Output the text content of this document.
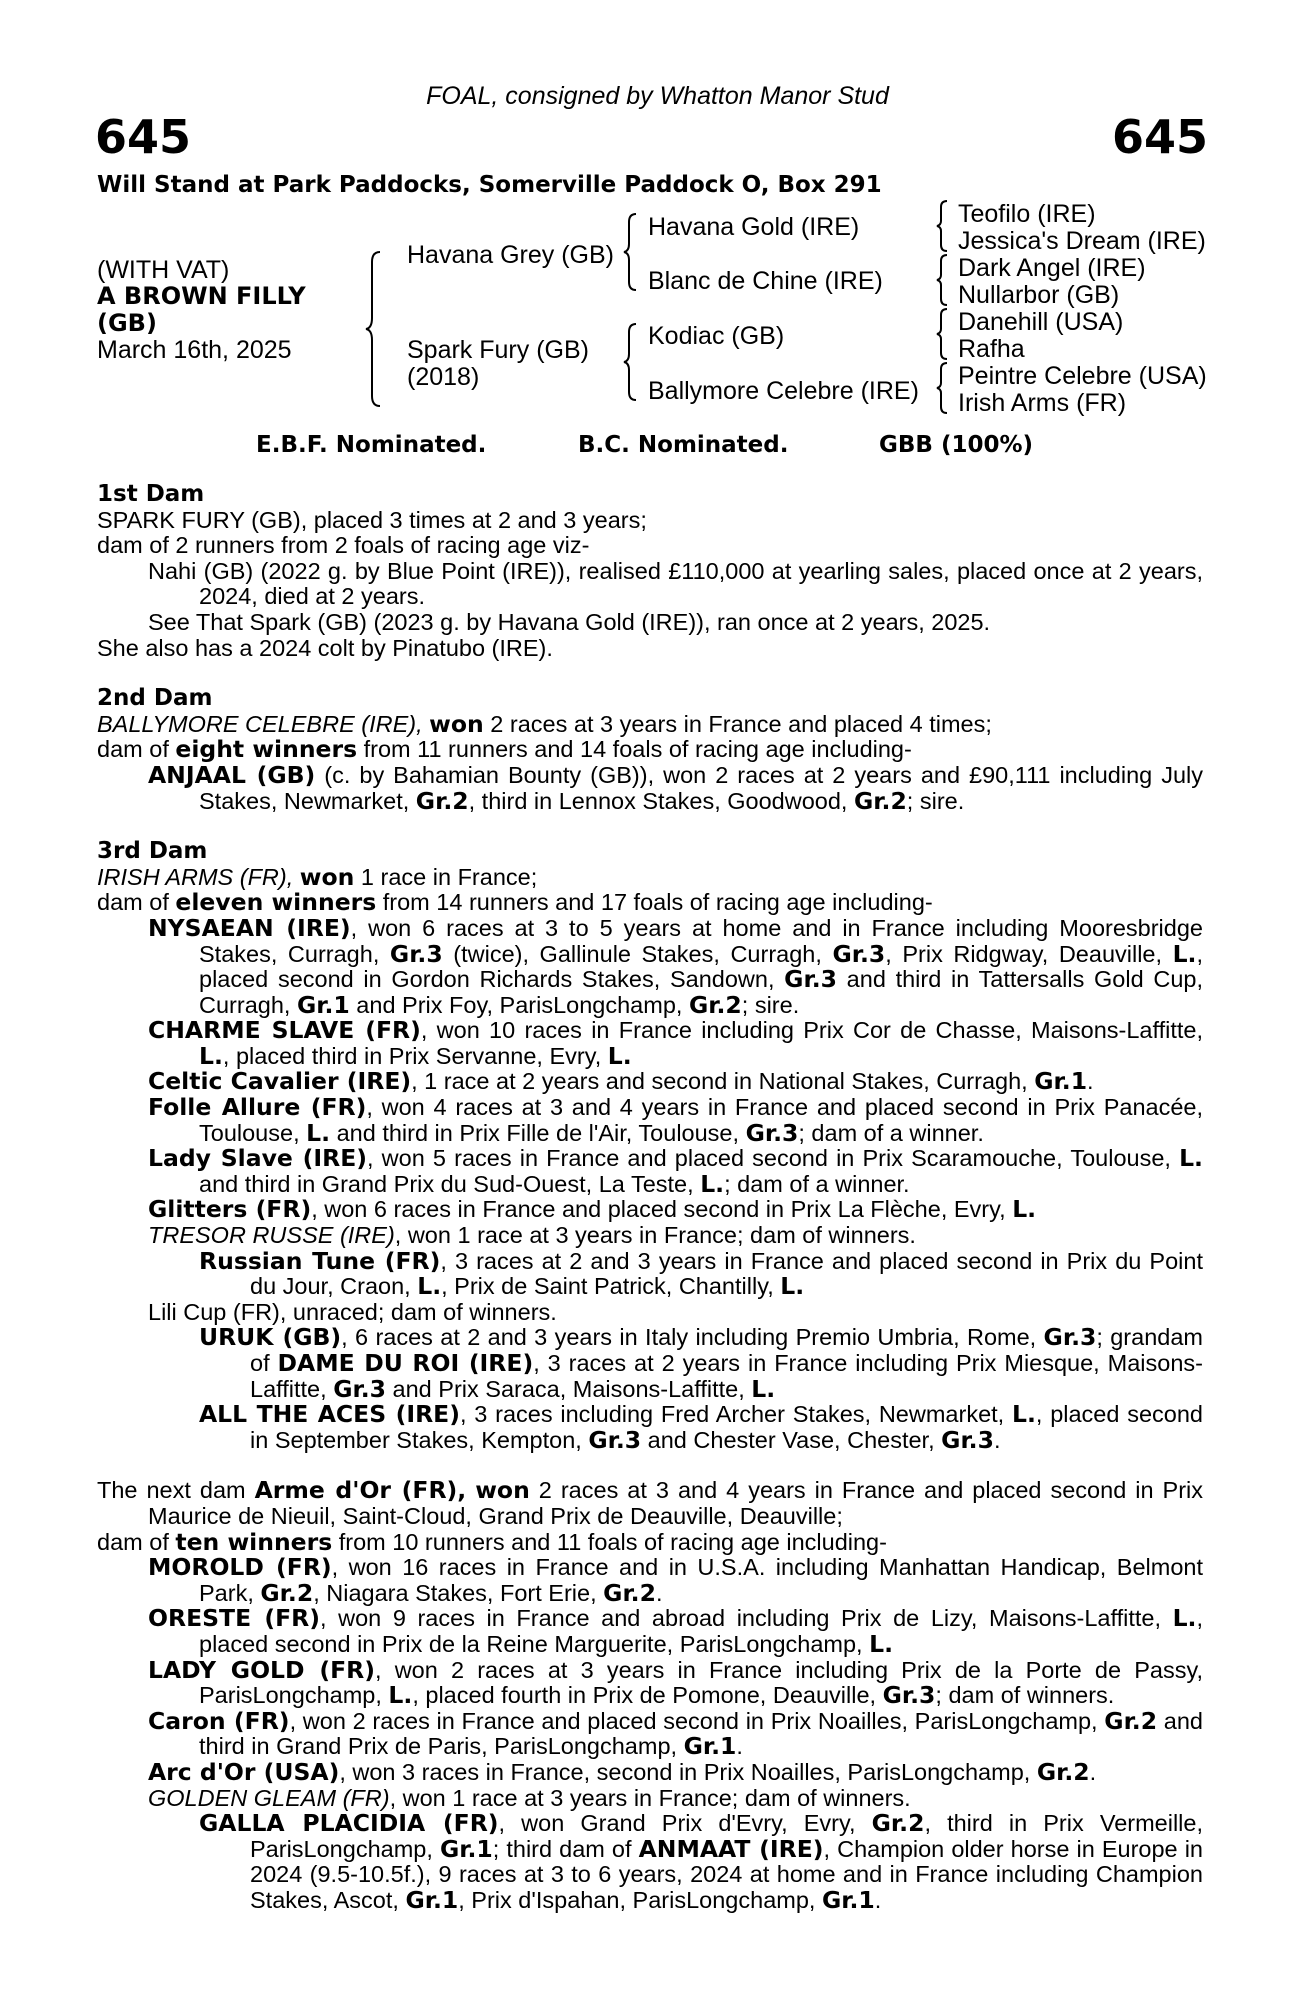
FOAL, consigned by Whatton Manor Stud
645	645
Will Stand at Park Paddocks, Somerville Paddock O, Box 291
(WITH VAT)
A BROWN FILLY
(GB)
March 16th, 2025
Havana Grey (GB)
Spark Fury (GB)
(2018)
Havana Gold (IRE)
Blanc de Chine (IRE)
Kodiac (GB)
Ballymore Celebre (IRE)
Teofilo (IRE)
Jessica's Dream (IRE)
Dark Angel (IRE)
Nullarbor (GB)
Danehill (USA)
Rafha
Peintre Celebre (USA)
Irish Arms (FR)
E.B.F. Nominated.	B.C. Nominated.	GBB (100%)

1st Dam

SPARK FURY (GB), placed 3 times at 2 and 3 years;

dam of 2 runners from 2 foals of racing age viz-

Nahi (GB) (2022 g. by Blue Point (IRE)), realised £110,000 at yearling sales, placed once at 2 years, 2024, died at 2 years.

See That Spark (GB) (2023 g. by Havana Gold (IRE)), ran once at 2 years, 2025.

She also has a 2024 colt by Pinatubo (IRE).

2nd Dam

BALLYMORE CELEBRE (IRE), won 2 races at 3 years in France and placed 4 times;

dam of eight winners from 11 runners and 14 foals of racing age including-

ANJAAL (GB) (c. by Bahamian Bounty (GB)), won 2 races at 2 years and £90,111 including July Stakes, Newmarket, Gr.2, third in Lennox Stakes, Goodwood, Gr.2; sire.

3rd Dam

IRISH ARMS (FR), won 1 race in France;

dam of eleven winners from 14 runners and 17 foals of racing age including-

NYSAEAN (IRE), won 6 races at 3 to 5 years at home and in France including Mooresbridge Stakes, Curragh, Gr.3 (twice), Gallinule Stakes, Curragh, Gr.3, Prix Ridgway, Deauville, L., placed second in Gordon Richards Stakes, Sandown, Gr.3 and third in Tattersalls Gold Cup, Curragh, Gr.1 and Prix Foy, ParisLongchamp, Gr.2; sire.

CHARME SLAVE (FR), won 10 races in France including Prix Cor de Chasse, Maisons-Laffitte, L., placed third in Prix Servanne, Evry, L.

Celtic Cavalier (IRE), 1 race at 2 years and second in National Stakes, Curragh, Gr.1.

Folle Allure (FR), won 4 races at 3 and 4 years in France and placed second in Prix Panacée, Toulouse, L. and third in Prix Fille de l'Air, Toulouse, Gr.3; dam of a winner.

Lady Slave (IRE), won 5 races in France and placed second in Prix Scaramouche, Toulouse, L. and third in Grand Prix du Sud-Ouest, La Teste, L.; dam of a winner.

Glitters (FR), won 6 races in France and placed second in Prix La Flèche, Evry, L.

TRESOR RUSSE (IRE), won 1 race at 3 years in France; dam of winners.

Russian Tune (FR), 3 races at 2 and 3 years in France and placed second in Prix du Point du Jour, Craon, L., Prix de Saint Patrick, Chantilly, L.

Lili Cup (FR), unraced; dam of winners.

URUK (GB), 6 races at 2 and 3 years in Italy including Premio Umbria, Rome, Gr.3; grandam of DAME DU ROI (IRE), 3 races at 2 years in France including Prix Miesque, Maisons-Laffitte, Gr.3 and Prix Saraca, Maisons-Laffitte, L.

ALL THE ACES (IRE), 3 races including Fred Archer Stakes, Newmarket, L., placed second in September Stakes, Kempton, Gr.3 and Chester Vase, Chester, Gr.3.

The next dam Arme d'Or (FR), won 2 races at 3 and 4 years in France and placed second in Prix Maurice de Nieuil, Saint-Cloud, Grand Prix de Deauville, Deauville;

dam of ten winners from 10 runners and 11 foals of racing age including-

MOROLD (FR), won 16 races in France and in U.S.A. including Manhattan Handicap, Belmont Park, Gr.2, Niagara Stakes, Fort Erie, Gr.2.

ORESTE (FR), won 9 races in France and abroad including Prix de Lizy, Maisons-Laffitte, L., placed second in Prix de la Reine Marguerite, ParisLongchamp, L.

LADY GOLD (FR), won 2 races at 3 years in France including Prix de la Porte de Passy, ParisLongchamp, L., placed fourth in Prix de Pomone, Deauville, Gr.3; dam of winners.

Caron (FR), won 2 races in France and placed second in Prix Noailles, ParisLongchamp, Gr.2 and third in Grand Prix de Paris, ParisLongchamp, Gr.1.

Arc d'Or (USA), won 3 races in France, second in Prix Noailles, ParisLongchamp, Gr.2.

GOLDEN GLEAM (FR), won 1 race at 3 years in France; dam of winners.

GALLA PLACIDIA (FR), won Grand Prix d'Evry, Evry, Gr.2, third in Prix Vermeille, ParisLongchamp, Gr.1; third dam of ANMAAT (IRE), Champion older horse in Europe in 2024 (9.5-10.5f.), 9 races at 3 to 6 years, 2024 at home and in France including Champion Stakes, Ascot, Gr.1, Prix d'Ispahan, ParisLongchamp, Gr.1.
